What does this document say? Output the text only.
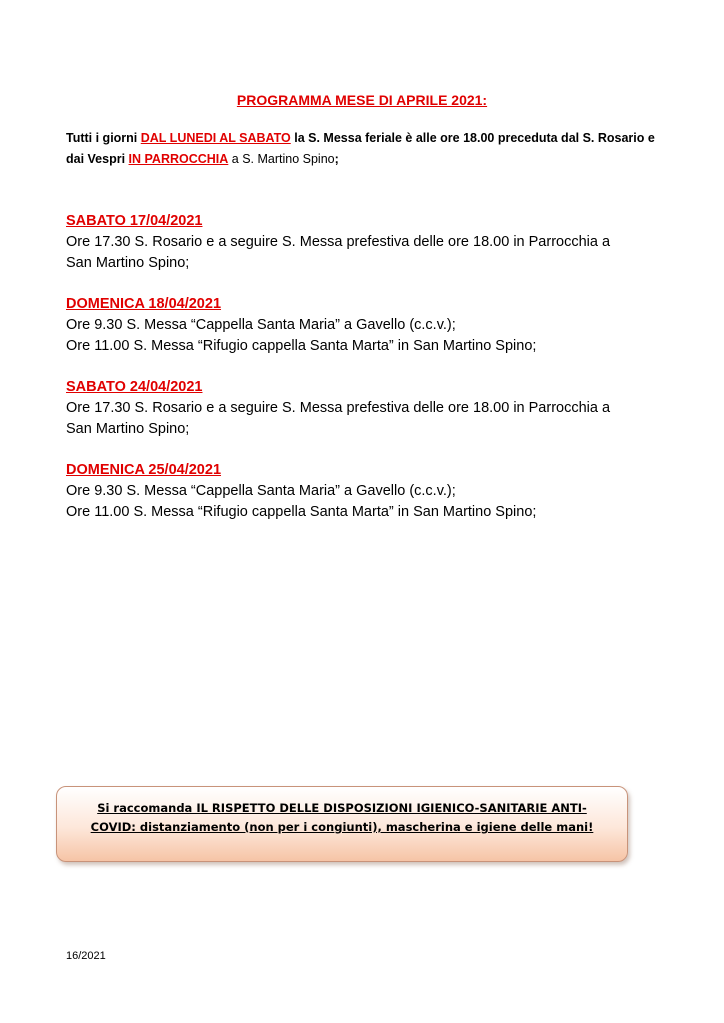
PROGRAMMA MESE DI APRILE 2021:
Tutti i giorni DAL LUNEDI AL SABATO la S. Messa feriale è alle ore 18.00 preceduta dal S. Rosario e dai Vespri IN PARROCCHIA a S. Martino Spino;
SABATO 17/04/2021
Ore 17.30 S. Rosario e a seguire S. Messa prefestiva delle ore 18.00 in Parrocchia a
San Martino Spino;
DOMENICA 18/04/2021
Ore 9.30 S. Messa “Cappella Santa Maria” a Gavello (c.c.v.);
Ore 11.00 S. Messa “Rifugio cappella Santa Marta” in San Martino Spino;
SABATO 24/04/2021
Ore 17.30 S. Rosario e a seguire S. Messa prefestiva delle ore 18.00 in Parrocchia a
San Martino Spino;
DOMENICA 25/04/2021
Ore 9.30 S. Messa “Cappella Santa Maria” a Gavello (c.c.v.);
Ore 11.00 S. Messa “Rifugio cappella Santa Marta” in San Martino Spino;

Si raccomanda IL RISPETTO DELLE DISPOSIZIONI IGIENICO-SANITARIE ANTI-
COVID: distanziamento (non per i congiunti), mascherina e igiene delle mani!

16/2021
